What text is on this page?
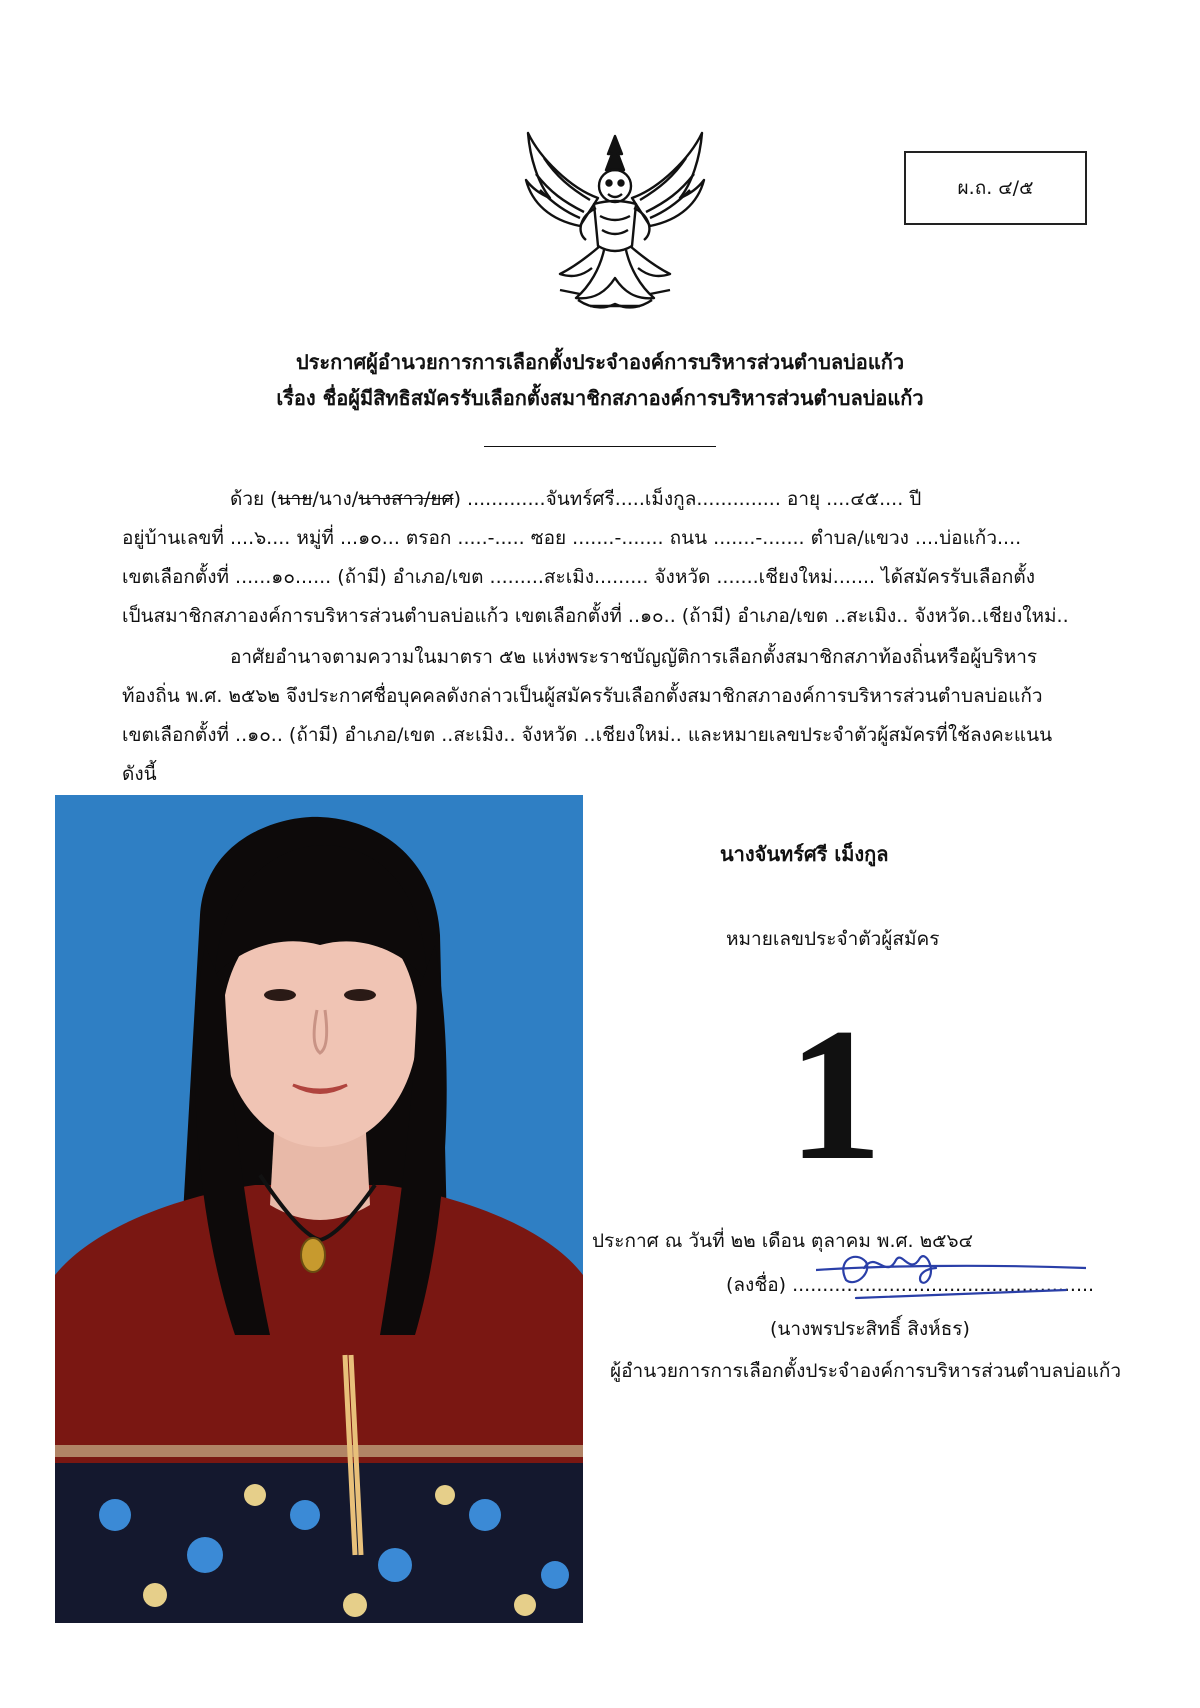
ผ.ถ. ๔/๕
ประกาศผู้อำนวยการการเลือกตั้งประจำองค์การบริหารส่วนตำบลบ่อแก้ว
เรื่อง ชื่อผู้มีสิทธิสมัครรับเลือกตั้งสมาชิกสภาองค์การบริหารส่วนตำบลบ่อแก้ว
ด้วย (นาย/นาง/นางสาว/ยศ) .............จันทร์ศรี.....เม็งกูล.............. อายุ ....๔๕.... ปี
อยู่บ้านเลขที่ ....๖.... หมู่ที่ ...๑๐... ตรอก .....-..... ซอย .......-....... ถนน .......-....... ตำบล/แขวง ....บ่อแก้ว....
เขตเลือกตั้งที่ ......๑๐...... (ถ้ามี) อำเภอ/เขต .........สะเมิง......... จังหวัด .......เชียงใหม่....... ได้สมัครรับเลือกตั้ง
เป็นสมาชิกสภาองค์การบริหารส่วนตำบลบ่อแก้ว เขตเลือกตั้งที่ ..๑๐.. (ถ้ามี) อำเภอ/เขต ..สะเมิง.. จังหวัด..เชียงใหม่..
อาศัยอำนาจตามความในมาตรา ๕๒ แห่งพระราชบัญญัติการเลือกตั้งสมาชิกสภาท้องถิ่นหรือผู้บริหาร
ท้องถิ่น พ.ศ. ๒๕๖๒ จึงประกาศชื่อบุคคลดังกล่าวเป็นผู้สมัครรับเลือกตั้งสมาชิกสภาองค์การบริหารส่วนตำบลบ่อแก้ว
เขตเลือกตั้งที่ ..๑๐.. (ถ้ามี) อำเภอ/เขต ..สะเมิง.. จังหวัด ..เชียงใหม่.. และหมายเลขประจำตัวผู้สมัครที่ใช้ลงคะแนน
ดังนี้
นางจันทร์ศรี เม็งกูล
หมายเลขประจำตัวผู้สมัคร
1
ประกาศ ณ วันที่ ๒๒ เดือน ตุลาคม พ.ศ. ๒๕๖๔
(ลงชื่อ) ..................................................
(นางพรประสิทธิ์ สิงห์ธร)
ผู้อำนวยการการเลือกตั้งประจำองค์การบริหารส่วนตำบลบ่อแก้ว
